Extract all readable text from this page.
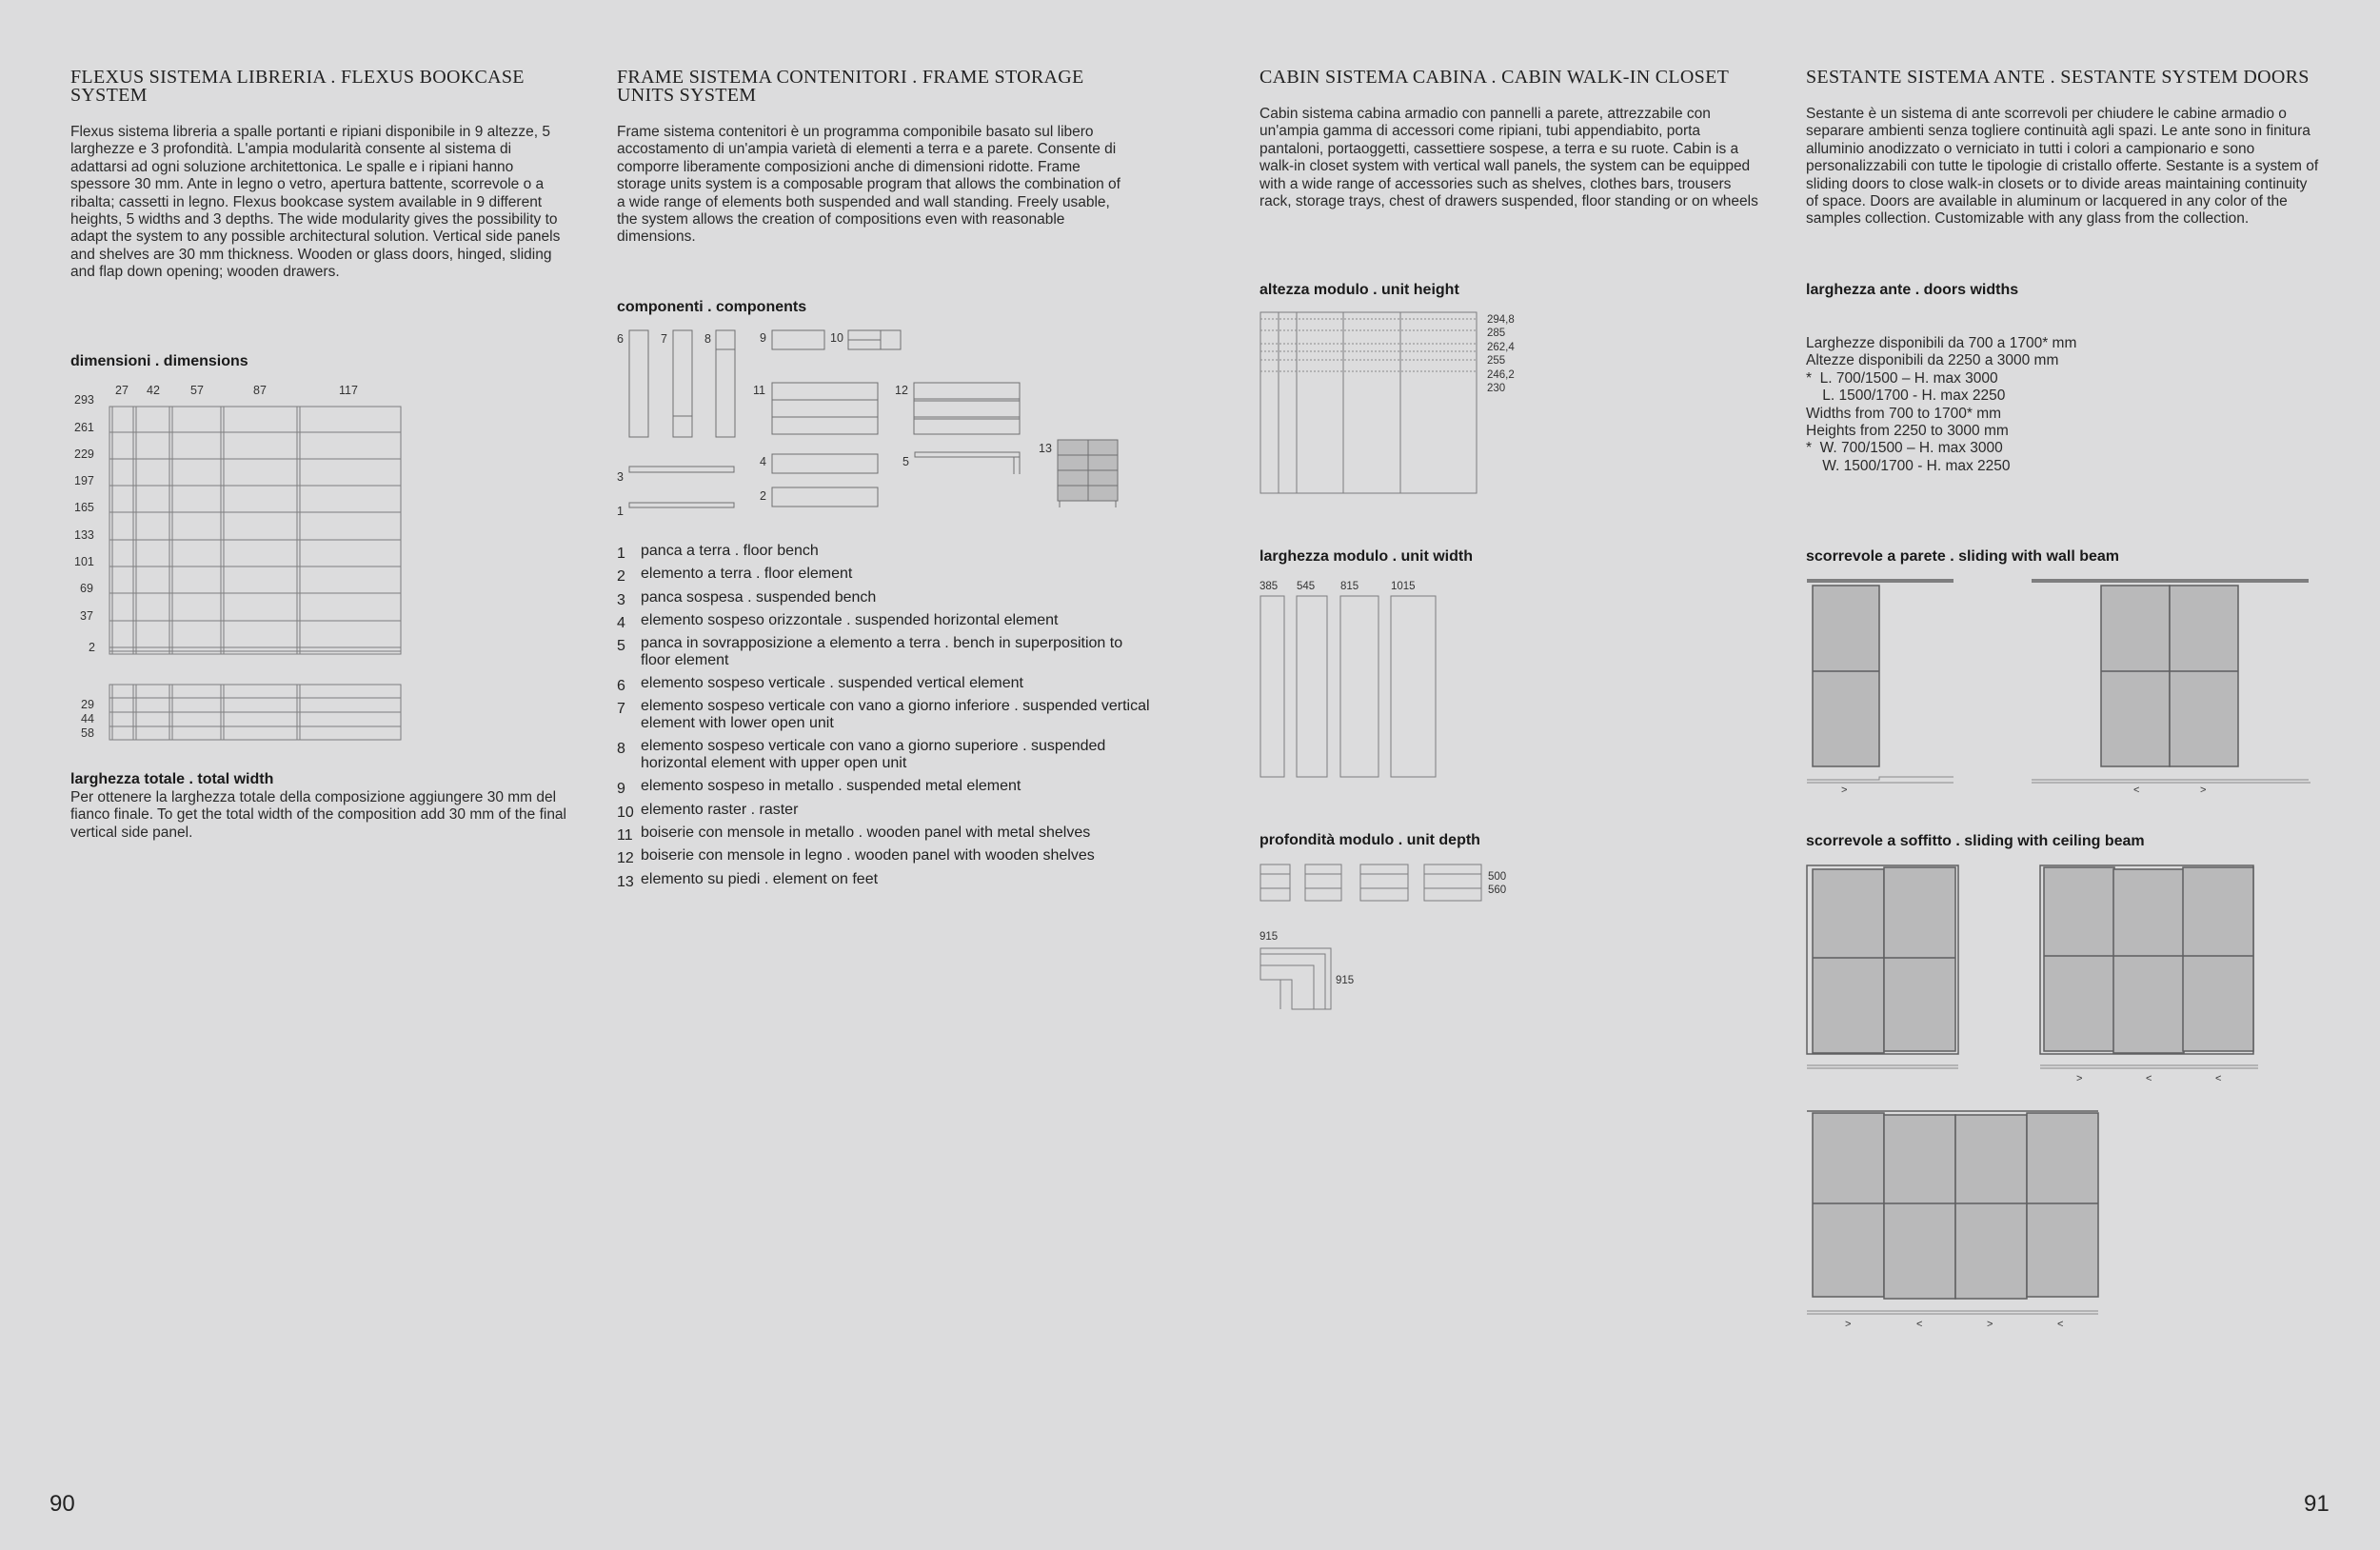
FLEXUS SISTEMA LIBRERIA . FLEXUS BOOKCASE SYSTEM
Flexus sistema libreria a spalle portanti e ripiani disponibile in 9 altezze, 5 larghezze e 3 profondità. L'ampia modularità consente al sistema di adattarsi ad ogni soluzione architettonica. Le spalle e i ripiani hanno spessore 30 mm. Ante in legno o vetro, apertura battente, scorrevole o a ribalta; cassetti in legno. Flexus bookcase system available in 9 different heights, 5 widths and 3 depths. The wide modularity gives the possibility to adapt the system to any possible architectural solution. Vertical side panels and shelves are 30 mm thickness. Wooden or glass doors, hinged, sliding and flap down opening; wooden drawers.
dimensioni . dimensions
27 42	57	87	117
293
261
229
197
165
133
101
69
37
2
29
44
58
larghezza totale . total width
Per ottenere la larghezza totale della composizione aggiungere 30 mm del fianco finale. To get the total width of the composition add 30 mm of the final vertical side panel.
FRAME SISTEMA CONTENITORI . FRAME STORAGE UNITS SYSTEM
Frame sistema contenitori è un programma componibile basato sul libero accostamento di un'ampia varietà di elementi a terra e a parete. Consente di comporre liberamente composizioni anche di dimensioni ridotte. Frame storage units system is a composable program that allows the combination of a wide range of elements both suspended and wall standing. Freely usable, the system allows the creation of compositions even with reasonable dimensions.
componenti . components
6	7	8	9	10
11	12
13
3
4	5
1
2
1	panca a terra . floor bench
2	elemento a terra . floor element
3	panca sospesa . suspended bench
4	elemento sospeso orizzontale . suspended horizontal element
5	panca in sovrapposizione a elemento a terra . bench in superposition to floor element
6	elemento sospeso verticale . suspended vertical element
7	elemento sospeso verticale con vano a giorno inferiore . suspended vertical element with lower open unit
8	elemento sospeso verticale con vano a giorno superiore . suspended horizontal element with upper open unit
9	elemento sospeso in metallo . suspended metal element
10 elemento raster . raster
11 boiserie con mensole in metallo . wooden panel with metal shelves
12 boiserie con mensole in legno . wooden panel with wooden shelves
13 elemento su piedi . element on feet
CABIN SISTEMA CABINA . CABIN WALK-IN CLOSET
Cabin sistema cabina armadio con pannelli a parete, attrezzabile con un'ampia gamma di accessori come ripiani, tubi appendiabito, porta pantaloni, portaoggetti, cassettiere sospese, a terra e su ruote. Cabin is a walk-in closet system with vertical wall panels, the system can be equipped with a wide range of accessories such as shelves, clothes bars, trousers rack, storage trays, chest of drawers suspended, floor standing or on wheels
altezza modulo . unit height
294,8
285
262,4
255
246,2
230
larghezza modulo . unit width
385 545 815	1015
profondità modulo . unit depth
500
560
915
915
SESTANTE SISTEMA ANTE . SESTANTE SYSTEM DOORS
Sestante è un sistema di ante scorrevoli per chiudere le cabine armadio o separare ambienti senza togliere continuità agli spazi. Le ante sono in finitura alluminio anodizzato o verniciato in tutti i colori a campionario e sono personalizzabili con tutte le tipologie di cristallo offerte. Sestante is a system of sliding doors to close walk-in closets or to divide areas maintaining continuity of space. Doors are available in aluminum or lacquered in any color of the samples collection. Customizable with any glass from the collection.
larghezza ante . doors widths
Larghezze disponibili da 700 a 1700* mm
Altezze disponibili da 2250 a 3000 mm
*  L. 700/1500 – H. max 3000
L. 1500/1700 - H. max 2250
Widths from 700 to 1700* mm
Heights from 2250 to 3000 mm
*  W. 700/1500 – H. max 3000
W. 1500/1700 - H. max 2250
scorrevole a parete . sliding with wall beam
>	<	>
scorrevole a soffitto . sliding with ceiling beam
>	<	<
>	<	>	<
90	91
